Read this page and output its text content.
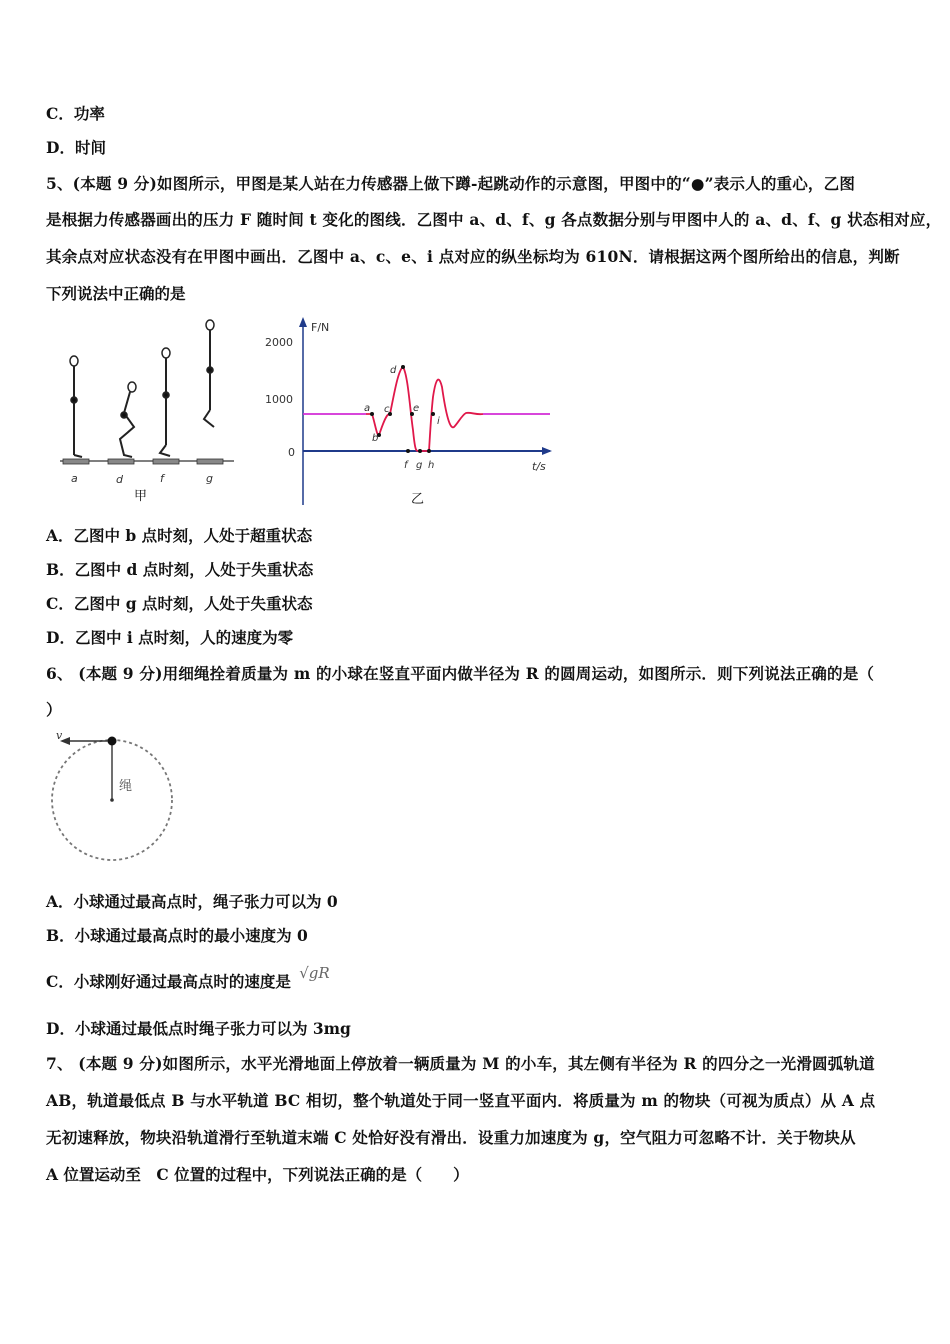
C．功率
D．时间
5、(本题 9 分)如图所示，甲图是某人站在力传感器上做下蹲-起跳动作的示意图，甲图中的“●”表示人的重心，乙图
是根据力传感器画出的压力 F 随时间 t 变化的图线．乙图中 a、d、f、g 各点数据分别与甲图中人的 a、d、f、g 状态相对应，
其余点对应状态没有在甲图中画出．乙图中 a、c、e、i 点对应的纵坐标均为 610N．请根据这两个图所给出的信息，判断
下列说法中正确的是
a	d	f	g
甲
F/N
t/s
2000
1000
0
a
b
c
d
e
i
f g h
乙
A．乙图中 b 点时刻，人处于超重状态
B．乙图中 d 点时刻，人处于失重状态
C．乙图中 g 点时刻，人处于失重状态
D．乙图中 i 点时刻，人的速度为零
6、 (本题 9 分)用细绳拴着质量为 m 的小球在竖直平面内做半径为 R 的圆周运动，如图所示．则下列说法正确的是（
）
v
绳
A．小球通过最高点时，绳子张力可以为 0
B．小球通过最高点时的最小速度为 0
C．小球刚好通过最高点时的速度是 √gR
D．小球通过最低点时绳子张力可以为 3mg
7、 (本题 9 分)如图所示，水平光滑地面上停放着一辆质量为 M 的小车，其左侧有半径为 R 的四分之一光滑圆弧轨道
AB，轨道最低点 B 与水平轨道 BC 相切，整个轨道处于同一竖直平面内．将质量为 m 的物块（可视为质点）从 A 点
无初速释放，物块沿轨道滑行至轨道末端 C 处恰好没有滑出．设重力加速度为 g，空气阻力可忽略不计．关于物块从
A 位置运动至　C 位置的过程中，下列说法正确的是（　　）
